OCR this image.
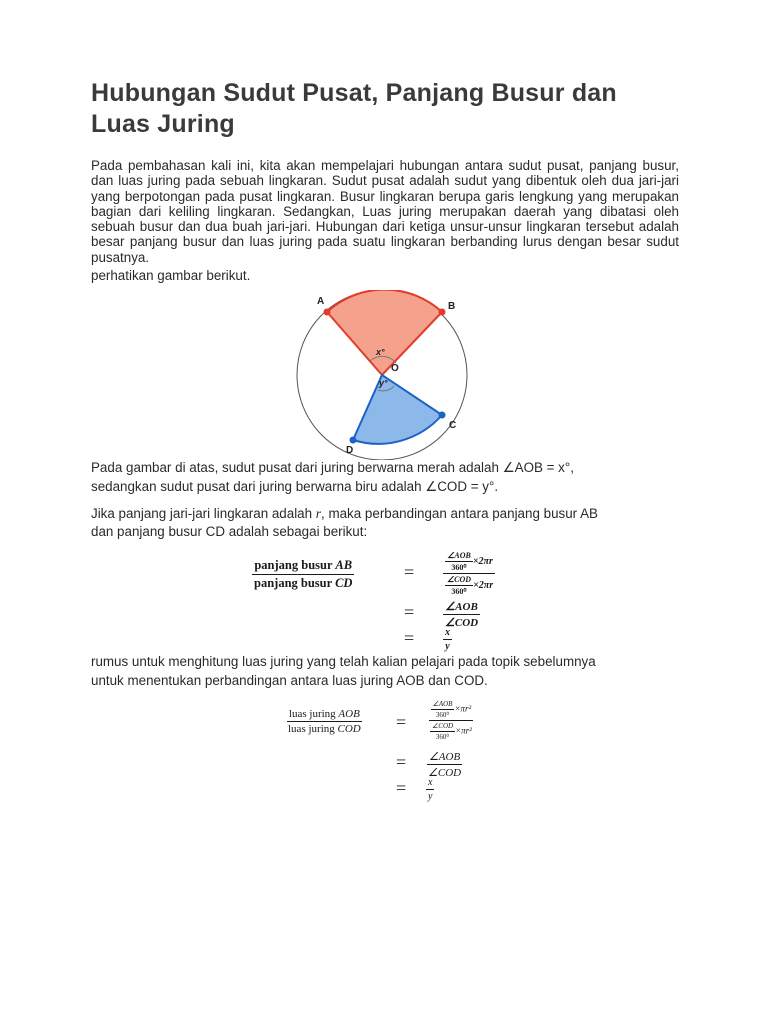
Hubungan Sudut Pusat, Panjang Busur dan Luas Juring

Pada pembahasan kali ini, kita akan mempelajari hubungan antara sudut pusat, panjang busur, dan luas juring pada sebuah lingkaran. Sudut pusat adalah sudut yang dibentuk oleh dua jari-jari yang berpotongan pada pusat lingkaran. Busur lingkaran berupa garis lengkung yang merupakan bagian dari keliling lingkaran. Sedangkan, Luas juring merupakan daerah yang dibatasi oleh sebuah busur dan dua buah jari-jari. Hubungan dari ketiga unsur-unsur lingkaran tersebut adalah besar panjang busur dan luas juring pada suatu lingkaran berbanding lurus dengan besar sudut pusatnya.

perhatikan gambar berikut.
A	B
C
D
O
x°
y°
Pada gambar di atas, sudut pusat dari juring berwarna merah adalah ∠AOB = x°,
sedangkan sudut pusat dari juring berwarna biru adalah ∠COD = y°.
Jika panjang jari-jari lingkaran adalah r, maka perbandingan antara panjang busur AB
dan panjang busur CD adalah sebagai berikut:
$\frac{\text{panjang busur AB}}{\text{panjang busur CD}}$	=	$\frac{\frac{\text{∠AOB}}{\text{360⁰}} \times 2\pi r}{\frac{\text{∠COD}}{\text{360⁰}} \times 2\pi r}$
=	$\frac{\text{∠AOB}}{\text{∠COD}}$
=	$\frac{x}{y}$
rumus untuk menghitung luas juring yang telah kalian pelajari pada topik sebelumnya
untuk menentukan perbandingan antara luas juring AOB dan COD.
$\frac{\text{luas juring AOB}}{\text{luas juring COD}}$ =	$\frac{\frac{\text{∠AOB}}{\text{360⁰}} \times\pi r^2}{\frac{\text{∠COD}}{\text{360⁰}} \times\pi r^2}$
= $\frac{\text{∠AOB}}{\text{∠COD}}$
= $\frac{x}{y}$
